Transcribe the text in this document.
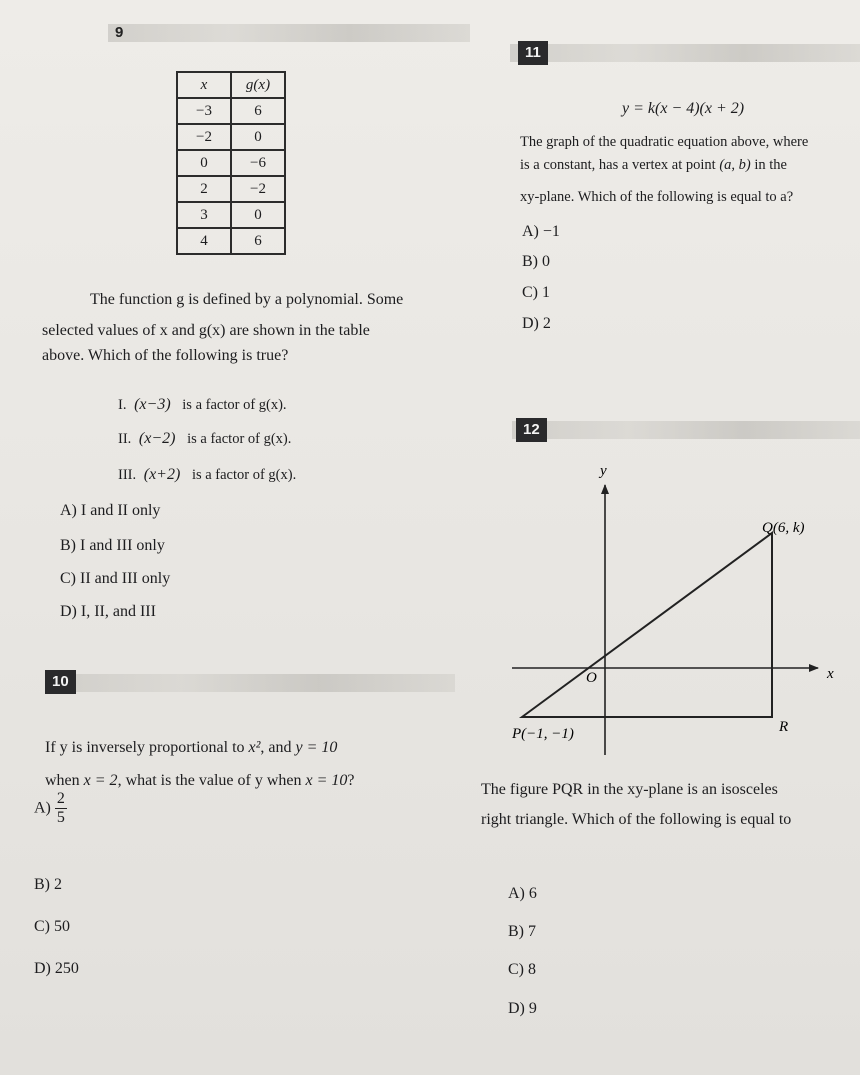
9
x	g(x)
−3	6
−2	0
0	−6
2	−2
3	0
4	6
The function g is defined by a polynomial. Some
selected values of x and g(x) are shown in the table
above. Which of the following is true?
I. (x−3) is a factor of g(x).
II. (x−2) is a factor of g(x).
III. (x+2) is a factor of g(x).
A) I and II only
B) I and III only
C) II and III only
D) I, II, and III
10
If y is inversely proportional to x², and y = 10
when x = 2, what is the value of y when x = 10?
$A) \frac{2}{5}$
B) 2
C) 50
D) 250
11
y = k(x − 4)(x + 2)
The graph of the quadratic equation above, where
is a constant, has a vertex at point (a, b) in the
xy-plane. Which of the following is equal to a?
A) −1
B) 0
C) 1
D) 2
12
y
x
O
Q(6, k)
P(−1, −1)	R
The figure PQR in the xy-plane is an isosceles
right triangle. Which of the following is equal to
A) 6
B) 7
C) 8
D) 9
